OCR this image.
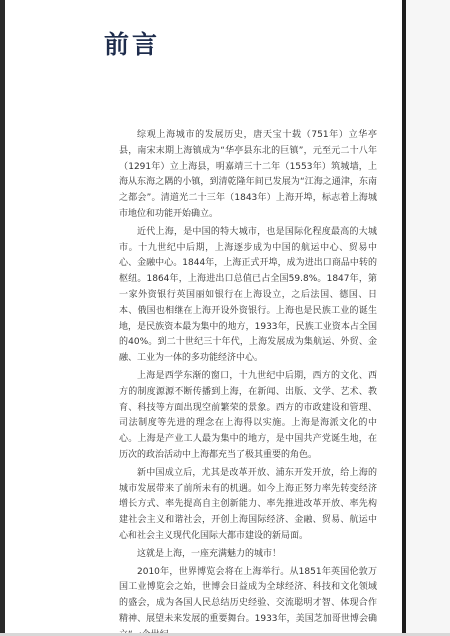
前言

综观上海城市的发展历史，唐天宝十载（751年）立华亭县，南宋末期上海镇成为“华亭县东北的巨镇”，元至元二十八年（1291年）立上海县，明嘉靖三十二年（1553年）筑城墙，上海从东海之隅的小镇，到清乾隆年间已发展为“江海之通津，东南之都会”。清道光二十三年（1843年）上海开埠，标志着上海城市地位和功能开始确立。

近代上海，是中国的特大城市，也是国际化程度最高的大城市。十九世纪中后期，上海逐步成为中国的航运中心、贸易中心、金融中心。1844年，上海正式开埠，成为进出口商品中转的枢纽。1864年，上海进出口总值已占全国59.8%。1847年，第一家外资银行英国丽如银行在上海设立，之后法国、德国、日本、俄国也相继在上海开设外资银行。上海也是民族工业的诞生地，是民族资本最为集中的地方，1933年，民族工业资本占全国的40%。到二十世纪三十年代，上海发展成为集航运、外贸、金融、工业为一体的多功能经济中心。

上海是西学东渐的窗口，十九世纪中后期，西方的文化、西方的制度源源不断传播到上海，在新闻、出版、文学、艺术、教育、科技等方面出现空前繁荣的景象。西方的市政建设和管理、司法制度等先进的理念在上海得以实施。上海是海派文化的中心。上海是产业工人最为集中的地方，是中国共产党诞生地，在历次的政治活动中上海都充当了极其重要的角色。

新中国成立后，尤其是改革开放、浦东开发开放，给上海的城市发展带来了前所未有的机遇。如今上海正努力率先转变经济增长方式、率先提高自主创新能力、率先推进改革开放、率先构建社会主义和谐社会，开创上海国际经济、金融、贸易、航运中心和社会主义现代化国际大都市建设的新局面。

这就是上海，一座充满魅力的城市！

2010年，世界博览会将在上海举行。从1851年英国伦敦万国工业博览会之始，世博会日益成为全球经济、科技和文化领域的盛会，成为各国人民总结历史经验、交流聪明才智、体现合作精神、展望未来发展的重要舞台。1933年，美国芝加哥世博会确
